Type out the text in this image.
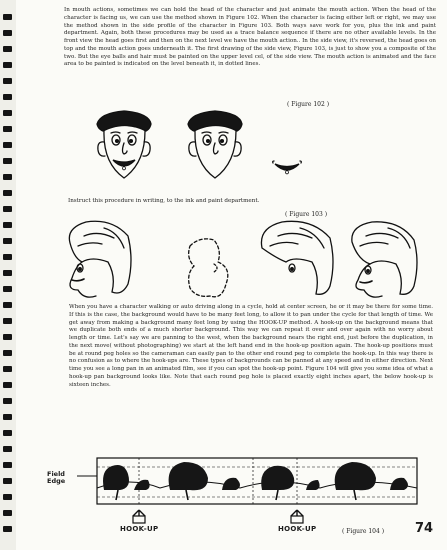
In mouth actions, sometimes we can hold the head of the character and just animate the mouth action. When the head of the character is facing us, we can use the method shown in Figure 102. When the character is facing either left or right, we may use the method shown in the side profile of the character in Figure 103. Both ways save work for you, plus the ink and paint department. Again, both these procedures may be used as a trace balance sequence if there are no other available levels. In the front view the head goes first and then on the next level we have the mouth action.. In the side view, it's reversed, the head goes on top and the mouth action goes underneath it. The first drawing of the side view, Figure 103, is just to show you a composite of the two. But the eye balls and hair must be painted on the upper level cel, of the side view. The mouth action is animated and the face area to be painted is indicated on the level beneath it, in dotted lines.

( Figure 102 )
Instruct this procedure in writing, to the ink and paint department.
( Figure 103 )

When you have a character walking or auto driving along in a cycle, hold at center screen, he or it may be there for some time. If this is the case, the background would have to be many feet long, to allow it to pan under the cycle for that length of time. We get away from making a background many feet long by using the HOOK-UP method. A hook-up on the background means that we duplicate both ends of a much shorter background. This way we can repeat it over and over again with no worry about length or time. Let's say we are panning to the west, when the background nears the right end, just before the duplication, in the next move( without photographing) we start at the left hand end in the hook-up position again. The hook-up positions must be at round peg holes so the cameraman can easily pan to the other end round peg to complete the hook-up. In this way there is no confusion as to where the hook-ups are. These types of backgrounds can be panned at any speed and in either direction. Next time you see a long pan in an animated film, see if you can spot the hook-up point. Figure 104 will give you some idea of what a hook-up pan background looks like. Note that each round peg hole is placed exactly eight inches apart, the below hook-up is sixteen inches.

Field Edge
HOOK-UP	HOOK-UP	( Figure 104 ) 74
